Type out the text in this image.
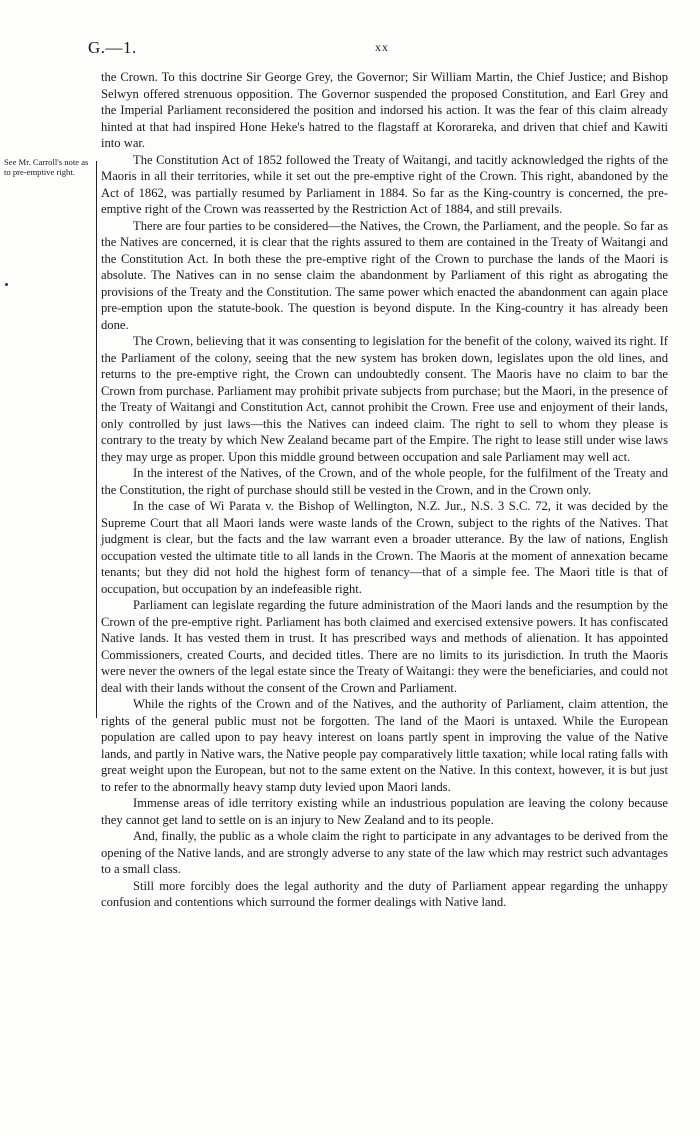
G.—1.	xx
See Mr. Carroll's note as to pre-emptive right.

the Crown. To this doctrine Sir George Grey, the Governor; Sir William Martin, the Chief Justice; and Bishop Selwyn offered strenuous opposition. The Governor suspended the proposed Constitution, and Earl Grey and the Imperial Parliament reconsidered the position and indorsed his action. It was the fear of this claim already hinted at that had inspired Hone Heke's hatred to the flagstaff at Kororareka, and driven that chief and Kawiti into war.

The Constitution Act of 1852 followed the Treaty of Waitangi, and tacitly acknowledged the rights of the Maoris in all their territories, while it set out the pre-emptive right of the Crown. This right, abandoned by the Act of 1862, was partially resumed by Parliament in 1884. So far as the King-country is concerned, the pre-emptive right of the Crown was reasserted by the Restriction Act of 1884, and still prevails.

There are four parties to be considered—the Natives, the Crown, the Parliament, and the people. So far as the Natives are concerned, it is clear that the rights assured to them are contained in the Treaty of Waitangi and the Constitution Act. In both these the pre-emptive right of the Crown to purchase the lands of the Maori is absolute. The Natives can in no sense claim the abandonment by Parliament of this right as abrogating the provisions of the Treaty and the Constitution. The same power which enacted the abandonment can again place pre-emption upon the statute-book. The question is beyond dispute. In the King-country it has already been done.

The Crown, believing that it was consenting to legislation for the benefit of the colony, waived its right. If the Parliament of the colony, seeing that the new system has broken down, legislates upon the old lines, and returns to the pre-emptive right, the Crown can undoubtedly consent. The Maoris have no claim to bar the Crown from purchase. Parliament may prohibit private subjects from purchase; but the Maori, in the presence of the Treaty of Waitangi and Constitution Act, cannot prohibit the Crown. Free use and enjoyment of their lands, only controlled by just laws—this the Natives can indeed claim. The right to sell to whom they please is contrary to the treaty by which New Zealand became part of the Empire. The right to lease still under wise laws they may urge as proper. Upon this middle ground between occupation and sale Parliament may well act.

In the interest of the Natives, of the Crown, and of the whole people, for the fulfilment of the Treaty and the Constitution, the right of purchase should still be vested in the Crown, and in the Crown only.

In the case of Wi Parata v. the Bishop of Wellington, N.Z. Jur., N.S. 3 S.C. 72, it was decided by the Supreme Court that all Maori lands were waste lands of the Crown, subject to the rights of the Natives. That judgment is clear, but the facts and the law warrant even a broader utterance. By the law of nations, English occupation vested the ultimate title to all lands in the Crown. The Maoris at the moment of annexation became tenants; but they did not hold the highest form of tenancy—that of a simple fee. The Maori title is that of occupation, but occupation by an indefeasible right.

Parliament can legislate regarding the future administration of the Maori lands and the resumption by the Crown of the pre-emptive right. Parliament has both claimed and exercised extensive powers. It has confiscated Native lands. It has vested them in trust. It has prescribed ways and methods of alienation. It has appointed Commissioners, created Courts, and decided titles. There are no limits to its jurisdiction. In truth the Maoris were never the owners of the legal estate since the Treaty of Waitangi: they were the beneficiaries, and could not deal with their lands without the consent of the Crown and Parliament.

While the rights of the Crown and of the Natives, and the authority of Parliament, claim attention, the rights of the general public must not be forgotten. The land of the Maori is untaxed. While the European population are called upon to pay heavy interest on loans partly spent in improving the value of the Native lands, and partly in Native wars, the Native people pay comparatively little taxation; while local rating falls with great weight upon the European, but not to the same extent on the Native. In this context, however, it is but just to refer to the abnormally heavy stamp duty levied upon Maori lands.

Immense areas of idle territory existing while an industrious population are leaving the colony because they cannot get land to settle on is an injury to New Zealand and to its people.

And, finally, the public as a whole claim the right to participate in any advantages to be derived from the opening of the Native lands, and are strongly adverse to any state of the law which may restrict such advantages to a small class.

Still more forcibly does the legal authority and the duty of Parliament appear regarding the unhappy confusion and contentions which surround the former dealings with Native land.
